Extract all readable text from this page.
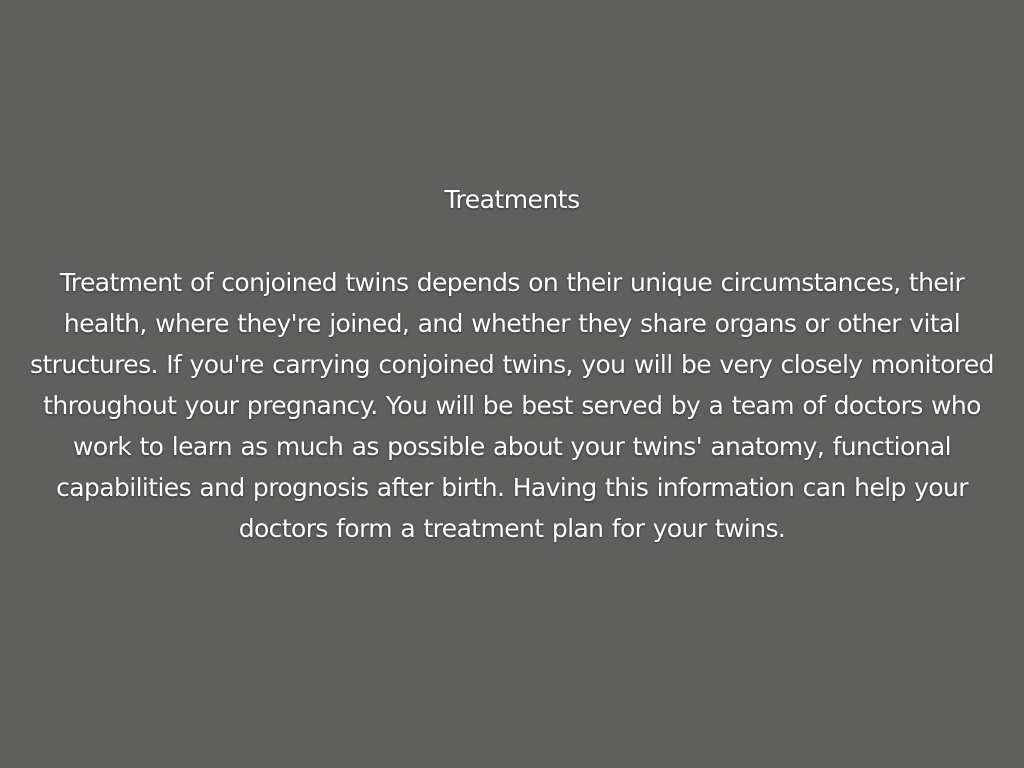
Treatments
Treatment of conjoined twins depends on their unique circumstances, their health, where they're joined, and whether they share organs or other vital structures. If you're carrying conjoined twins, you will be very closely monitored throughout your pregnancy. You will be best served by a team of doctors who work to learn as much as possible about your twins' anatomy, functional capabilities and prognosis after birth. Having this information can help your doctors form a treatment plan for your twins.
